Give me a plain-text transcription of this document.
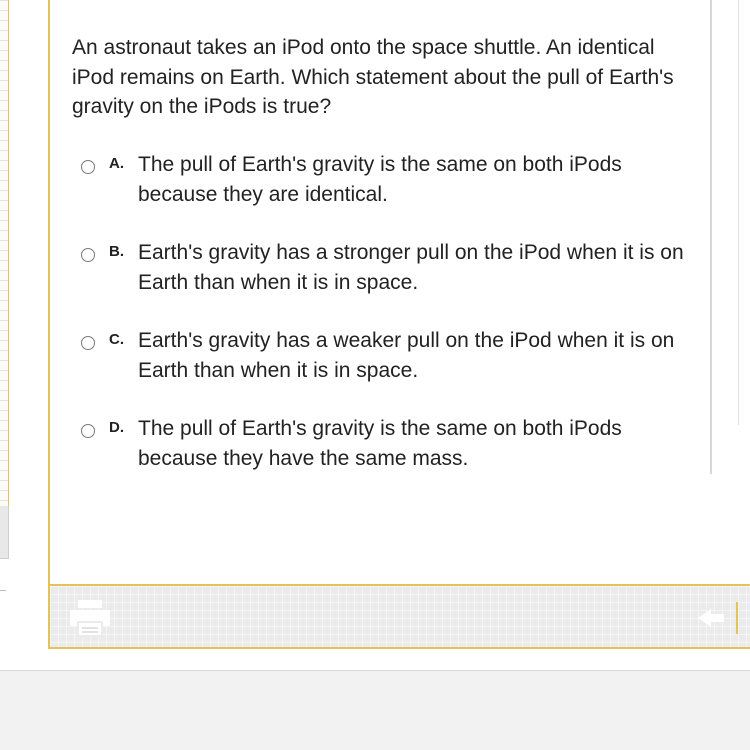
An astronaut takes an iPod onto the space shuttle. An identical iPod remains on Earth. Which statement about the pull of Earth's gravity on the iPods is true?

A. The pull of Earth's gravity is the same on both iPods because they are identical.
B. Earth's gravity has a stronger pull on the iPod when it is on Earth than when it is in space.
C. Earth's gravity has a weaker pull on the iPod when it is on Earth than when it is in space.
D. The pull of Earth's gravity is the same on both iPods because they have the same mass.
